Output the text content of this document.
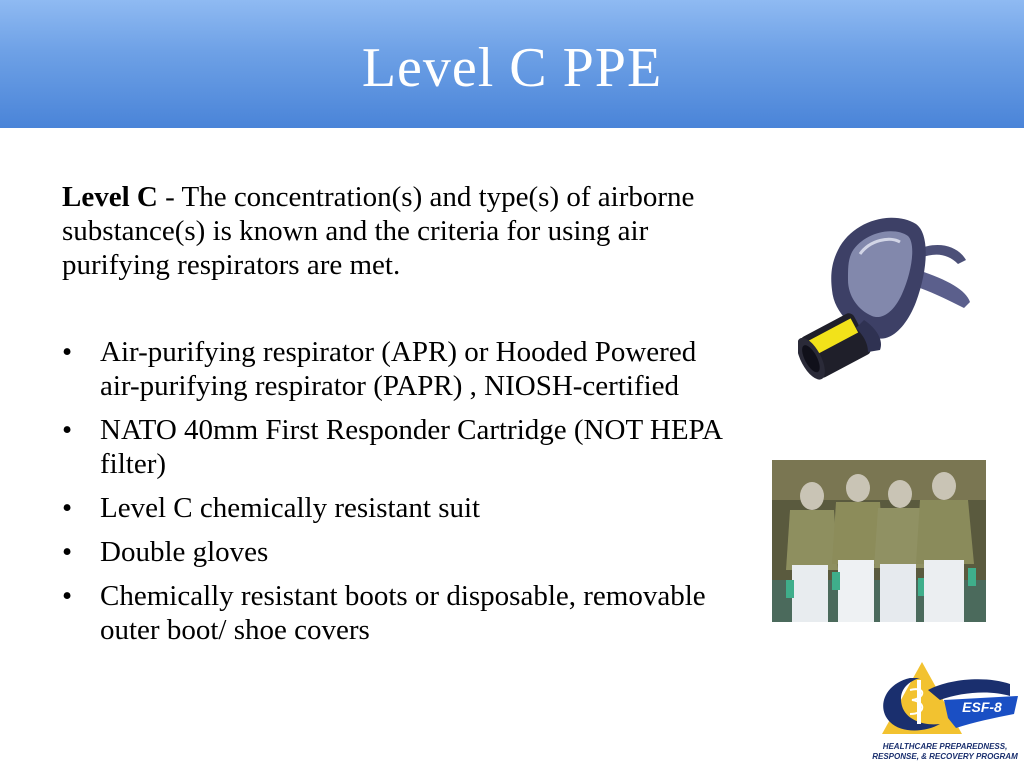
Level C PPE
Level C - The concentration(s) and type(s) of airborne substance(s) is known and the criteria for using air purifying respirators are met.
• Air-purifying respirator (APR) or Hooded Powered air-purifying respirator (PAPR) , NIOSH-certified
• NATO 40mm First Responder Cartridge (NOT HEPA filter)
• Level C chemically resistant suit
• Double gloves
• Chemically resistant boots or disposable, removable outer boot/ shoe covers
ESF-8
HEALTHCARE PREPAREDNESS,
RESPONSE, & RECOVERY PROGRAM
